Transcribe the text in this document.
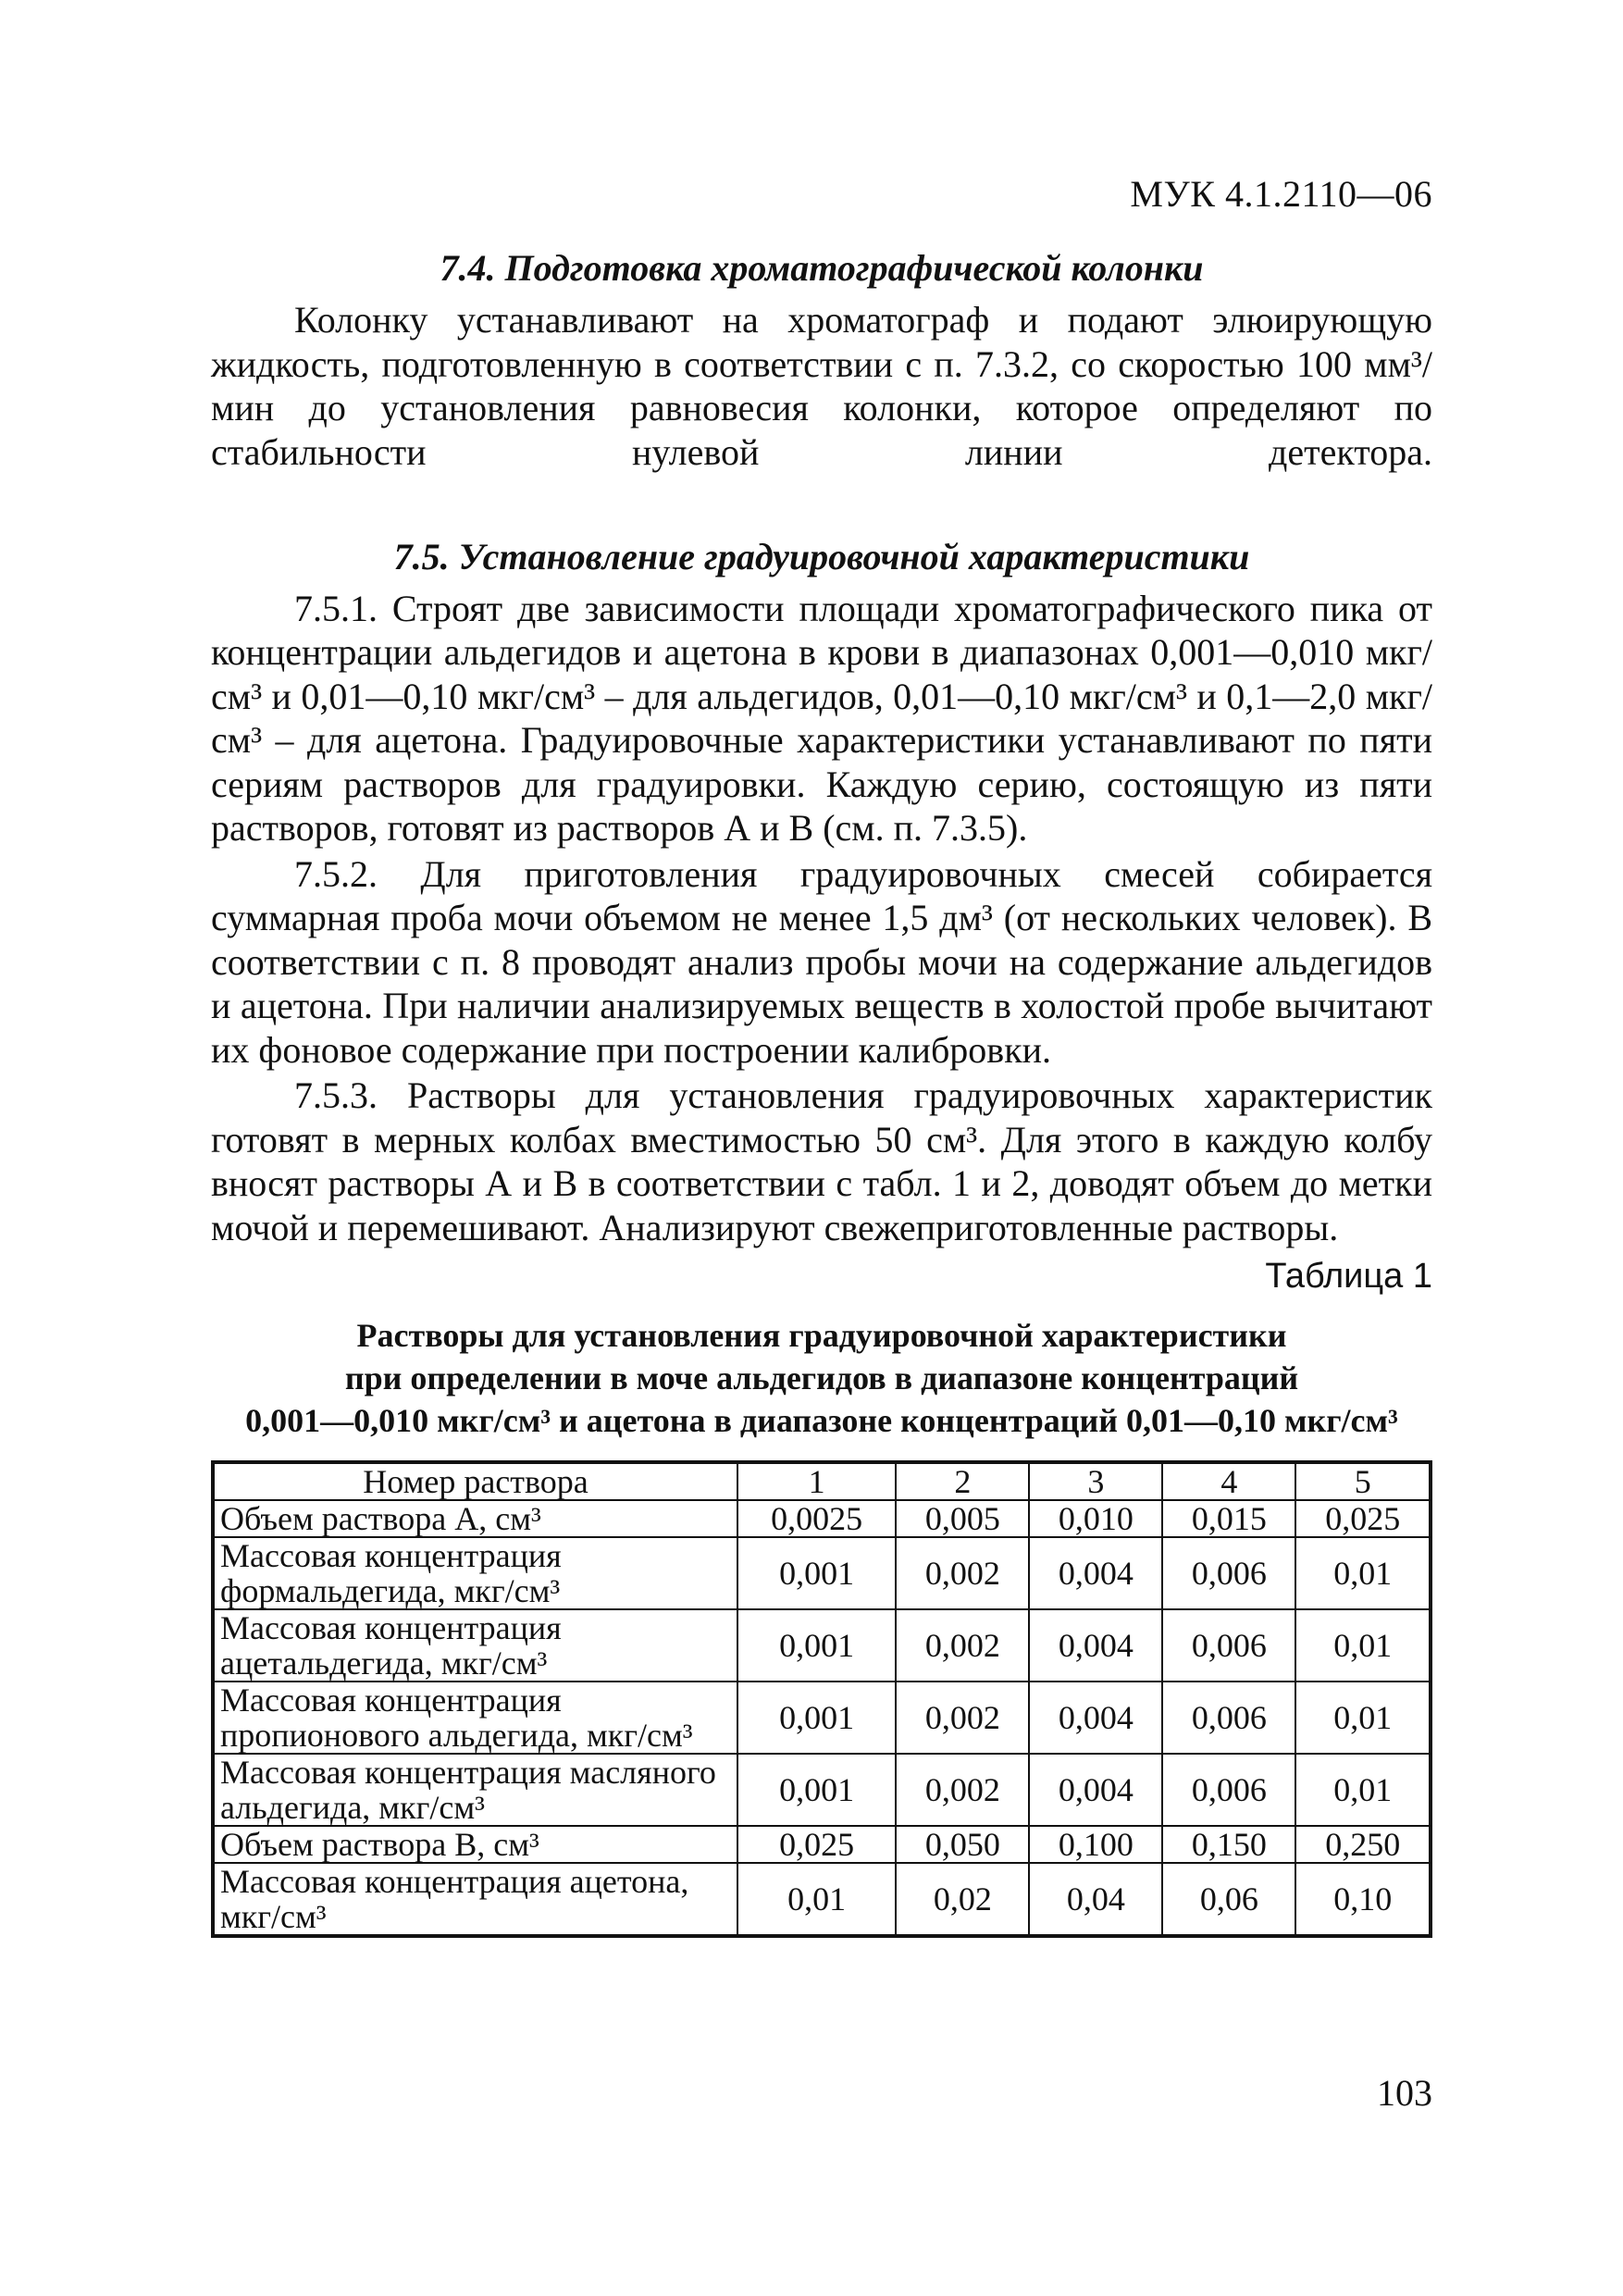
МУК 4.1.2110—06
7.4. Подготовка хроматографической колонки

Колонку устанавливают на хроматограф и подают элюирующую жидкость, подготовленную в соответствии с п. 7.3.2, со скоростью 100 мм³/мин до установления равновесия колонки, которое определяют по стабильности нулевой линии детектора.

7.5. Установление градуировочной характеристики

7.5.1. Строят две зависимости площади хроматографического пика от концентрации альдегидов и ацетона в крови в диапазонах 0,001—0,010 мкг/см³ и 0,01—0,10 мкг/см³ – для альдегидов, 0,01—0,10 мкг/см³ и 0,1—2,0 мкг/см³ – для ацетона. Градуировочные характеристики устанавливают по пяти сериям растворов для градуировки. Каждую серию, состоящую из пяти растворов, готовят из растворов А и В (см. п. 7.3.5).

7.5.2. Для приготовления градуировочных смесей собирается суммарная проба мочи объемом не менее 1,5 дм³ (от нескольких человек). В соответствии с п. 8 проводят анализ пробы мочи на содержание альдегидов и ацетона. При наличии анализируемых веществ в холостой пробе вычитают их фоновое содержание при построении калибровки.

7.5.3. Растворы для установления градуировочных характеристик готовят в мерных колбах вместимостью 50 см³. Для этого в каждую колбу вносят растворы А и В в соответствии с табл. 1 и 2, доводят объем до метки мочой и перемешивают. Анализируют свежеприготовленные растворы.

Таблица 1
Растворы для установления градуировочной характеристики
при определении в моче альдегидов в диапазоне концентраций
0,001—0,010 мкг/см³ и ацетона в диапазоне концентраций 0,01—0,10 мкг/см³
Номер раствора	1	2	3	4	5
Объем раствора А, см³	0,0025	0,005	0,010	0,015	0,025
Массовая концентрация формальдегида, мкг/см³	0,001	0,002	0,004	0,006	0,01
Массовая концентрация ацетальдегида, мкг/см³	0,001	0,002	0,004	0,006	0,01
Массовая концентрация пропионового альдегида, мкг/см³	0,001	0,002	0,004	0,006	0,01
Массовая концентрация масляного альдегида, мкг/см³	0,001	0,002	0,004	0,006	0,01
Объем раствора В, см³	0,025	0,050	0,100	0,150	0,250
Массовая концентрация ацетона, мкг/см³	0,01	0,02	0,04	0,06	0,10
103
